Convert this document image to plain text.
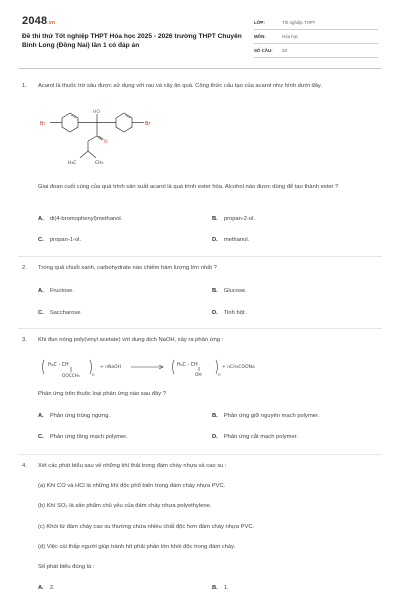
2048.vn
Đề thi thử Tốt nghiệp THPT Hóa học 2025 - 2026 trường THPT Chuyên Bình Long (Đồng Nai) lần 1 có đáp án
LỚP:	Tốt nghiệp THPT
MÔN:	Hóa học
SỐ CÂU:	28
1. Acarol là thuốc trừ sâu được sử dụng với rau và cây ăn quả. Công thức cấu tạo của acarol như hình dưới đây.
Br	Br
HO
O
H₃C	CH₃
Giai đoạn cuối cùng của quá trình sản xuất acarol là quá trình ester hóa. Alcohol nào được dùng để tạo thành ester ?
A. di(4-bromophenyl)methanol.	B. propan-2-ol.
C. propan-1-ol.	D. methanol.
2. Trong quả chuối xanh, carbohydrate nào chiếm hàm lượng lớn nhất ?
A. Fructose.	B. Glucose.
C. Saccharose.	D. Tinh bột.
3. Khi đun nóng poly(vinyl acetate) với dung dịch NaOH, xảy ra phản ứng :
H₂C - CH
OOCCH₃	n
+ nNaOH	H₂C - CH
OH	n
+ nCH₃COONa
Phản ứng trên thuộc loại phản ứng nào sau đây ?
A. Phản ứng trùng ngưng.	B. Phản ứng giữ nguyên mạch polymer.
C. Phản ứng tăng mạch polymer.	D. Phản ứng cắt mạch polymer.
4. Xét các phát biểu sau về những khí thải trong đám cháy nhựa và cao su :
(a) Khí CO và HCl là những khí độc phổ biến trong đám cháy nhựa PVC.
(b) Khí SO₂ là sản phẩm chủ yếu của đám cháy nhựa polyethylene.
(c) Khói từ đám cháy cao su thường chứa nhiều chất độc hơn đám cháy nhựa PVC.
(d) Việc cúi thấp người giúp tránh hít phải phần lớn khói độc trong đám cháy.
Số phát biểu đúng là :
A. 2.	B. 1.
